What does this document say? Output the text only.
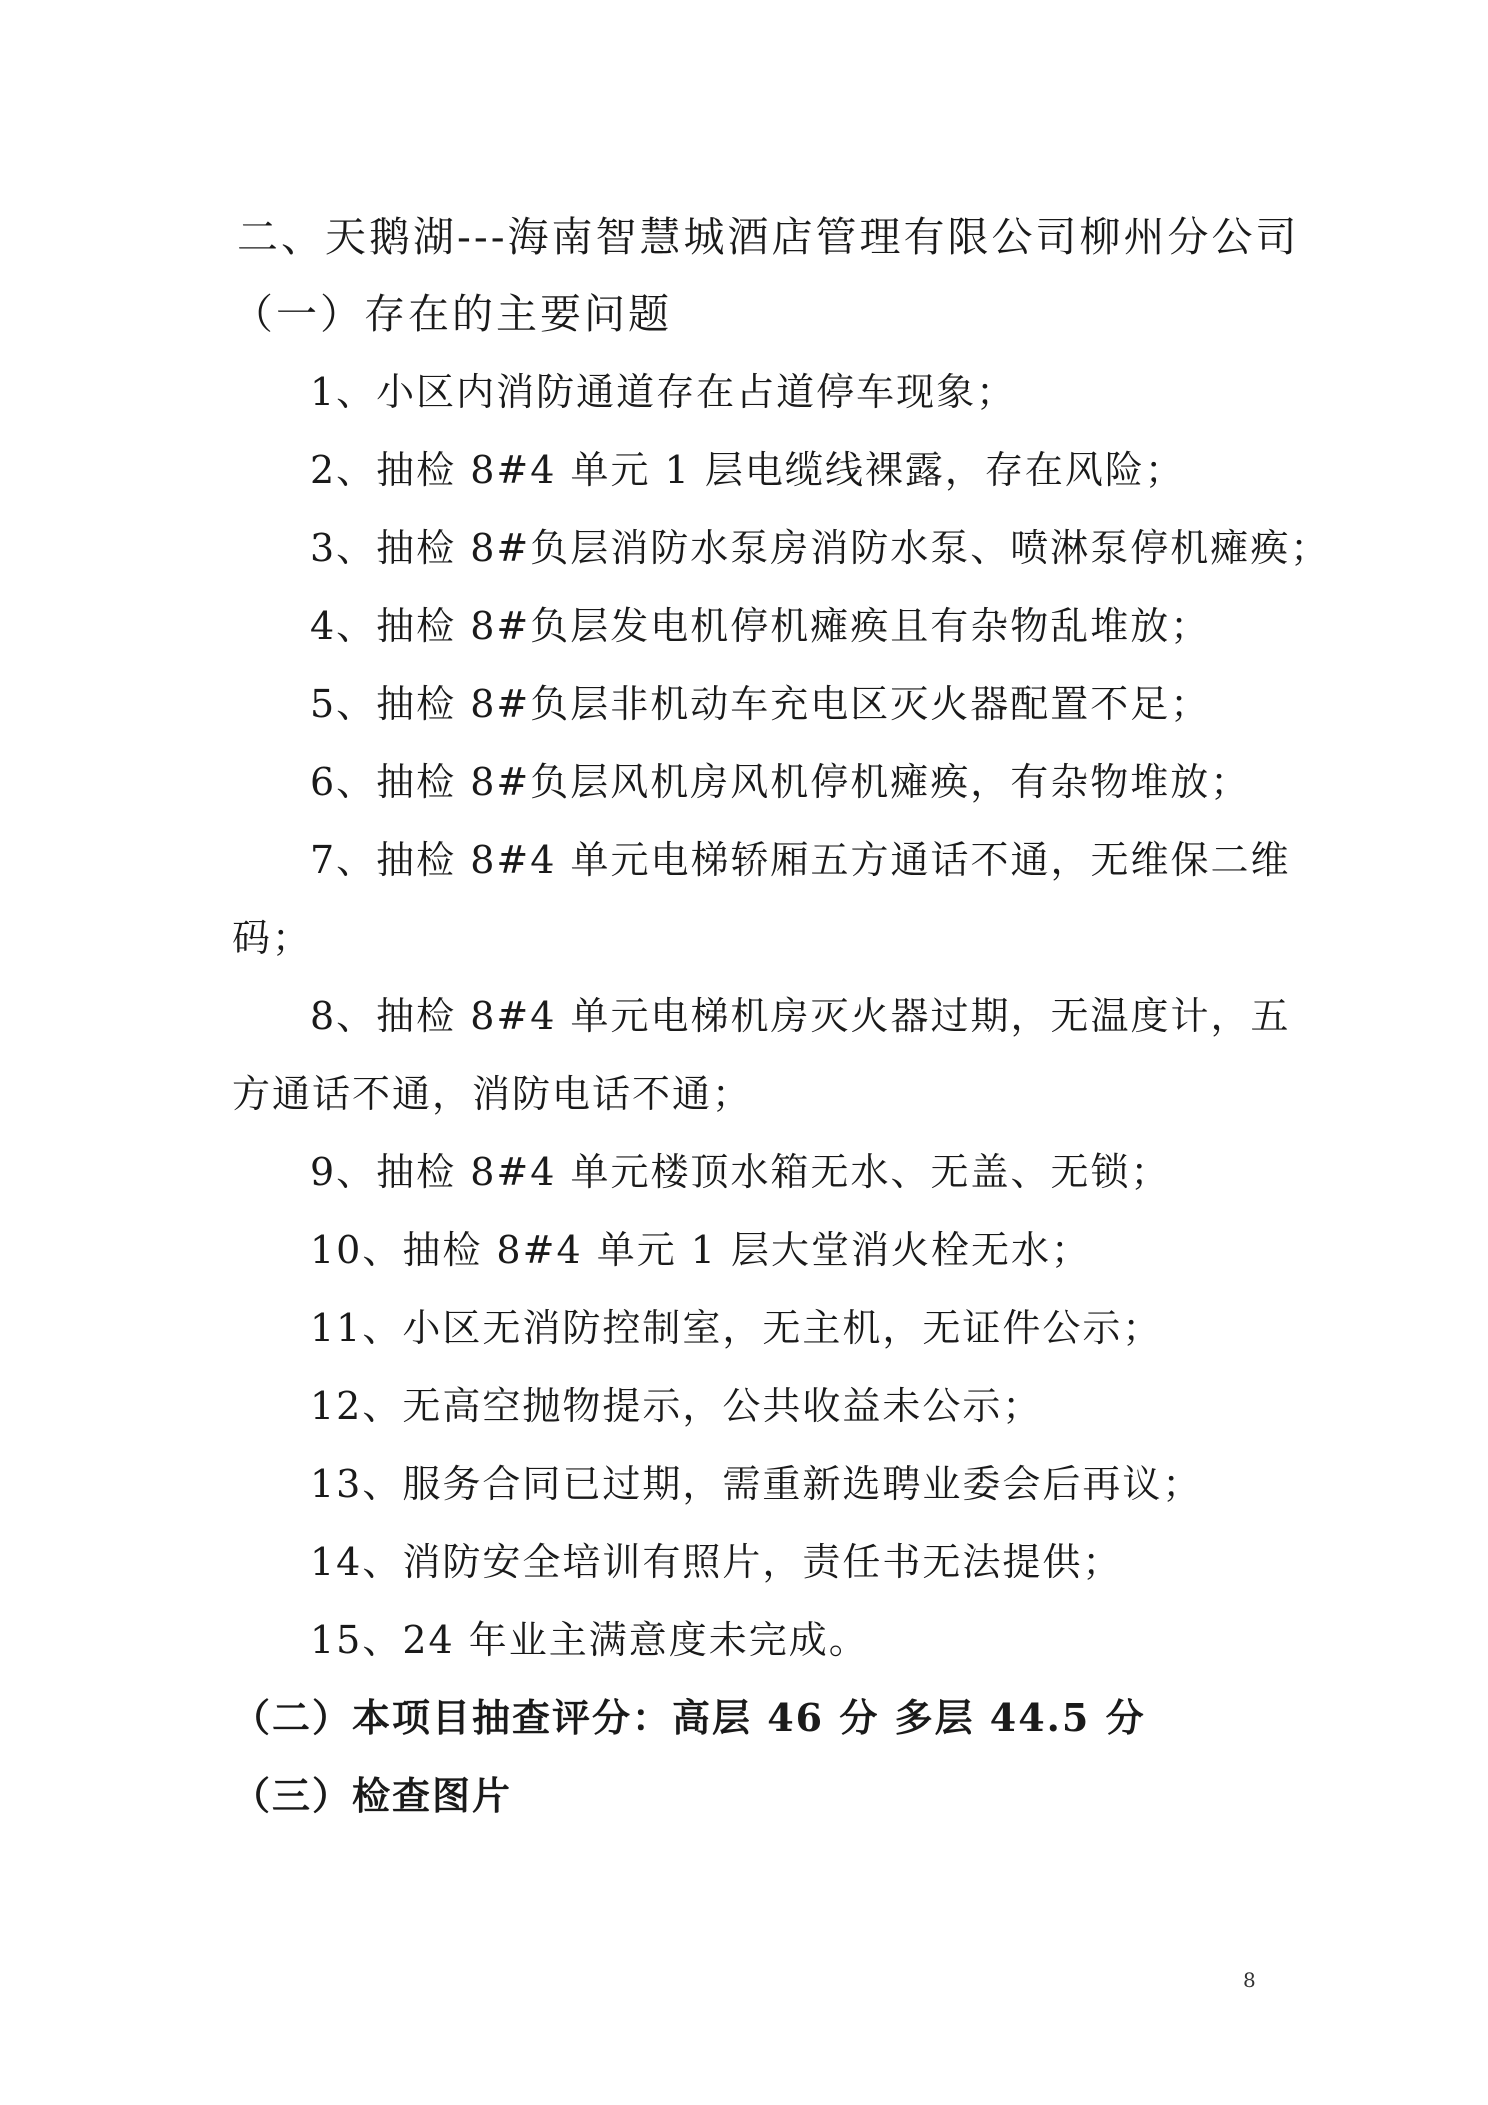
二、天鹅湖---海南智慧城酒店管理有限公司柳州分公司
（一）存在的主要问题
1、小区内消防通道存在占道停车现象；
2、抽检 8#4 单元 1 层电缆线裸露，存在风险；
3、抽检 8#负层消防水泵房消防水泵、喷淋泵停机瘫痪；
4、抽检 8#负层发电机停机瘫痪且有杂物乱堆放；
5、抽检 8#负层非机动车充电区灭火器配置不足；
6、抽检 8#负层风机房风机停机瘫痪，有杂物堆放；
7、抽检 8#4 单元电梯轿厢五方通话不通，无维保二维
码；
8、抽检 8#4 单元电梯机房灭火器过期，无温度计，五
方通话不通，消防电话不通；
9、抽检 8#4 单元楼顶水箱无水、无盖、无锁；
10、抽检 8#4 单元 1 层大堂消火栓无水；
11、小区无消防控制室，无主机，无证件公示；
12、无高空抛物提示，公共收益未公示；
13、服务合同已过期，需重新选聘业委会后再议；
14、消防安全培训有照片，责任书无法提供；
15、24 年业主满意度未完成。
（二）本项目抽查评分：高层 46 分 多层 44.5 分
（三）检查图片
8
